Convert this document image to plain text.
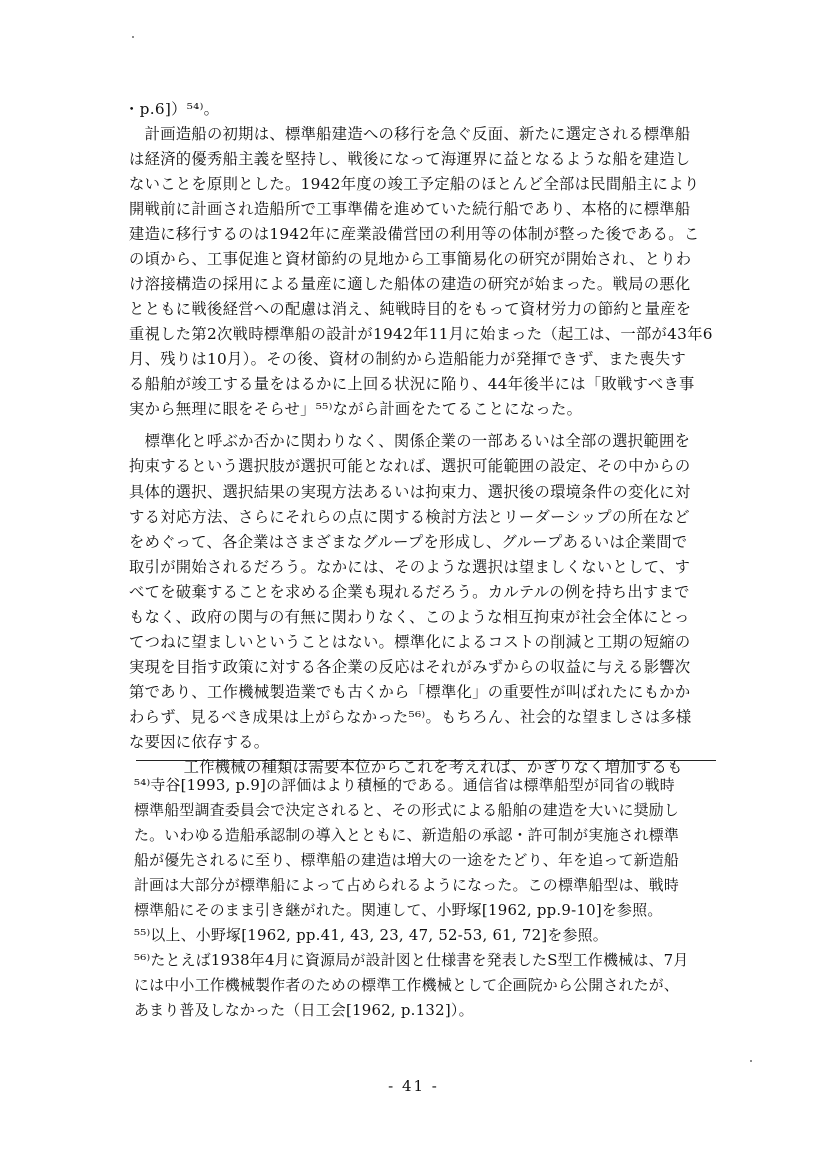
・p.6]）⁵⁴⁾。
　計画造船の初期は、標準船建造への移行を急ぐ反面、新たに選定される標準船
は経済的優秀船主義を堅持し、戦後になって海運界に益となるような船を建造し
ないことを原則とした。1942年度の竣工予定船のほとんど全部は民間船主により
開戦前に計画され造船所で工事準備を進めていた続行船であり、本格的に標準船
建造に移行するのは1942年に産業設備営団の利用等の体制が整った後である。こ
の頃から、工事促進と資材節約の見地から工事簡易化の研究が開始され、とりわ
け溶接構造の採用による量産に適した船体の建造の研究が始まった。戦局の悪化
とともに戦後経営への配慮は消え、純戦時目的をもって資材労力の節約と量産を
重視した第2次戦時標準船の設計が1942年11月に始まった（起工は、一部が43年6
月、残りは10月）。その後、資材の制約から造船能力が発揮できず、また喪失す
る船舶が竣工する量をはるかに上回る状況に陥り、44年後半には「敗戦すべき事
実から無理に眼をそらせ」⁵⁵⁾ながら計画をたてることになった。
　標準化と呼ぶか否かに関わりなく、関係企業の一部あるいは全部の選択範囲を
拘束するという選択肢が選択可能となれば、選択可能範囲の設定、その中からの
具体的選択、選択結果の実現方法あるいは拘束力、選択後の環境条件の変化に対
する対応方法、さらにそれらの点に関する検討方法とリーダーシップの所在など
をめぐって、各企業はさまざまなグループを形成し、グループあるいは企業間で
取引が開始されるだろう。なかには、そのような選択は望ましくないとして、す
べてを破棄することを求める企業も現れるだろう。カルテルの例を持ち出すまで
もなく、政府の関与の有無に関わりなく、このような相互拘束が社会全体にとっ
てつねに望ましいということはない。標準化によるコストの削減と工期の短縮の
実現を目指す政策に対する各企業の反応はそれがみずからの収益に与える影響次
第であり、工作機械製造業でも古くから「標準化」の重要性が叫ばれたにもかか
わらず、見るべき成果は上がらなかった⁵⁶⁾。もちろん、社会的な望ましさは多様
な要因に依存する。
　工作機械の種類は需要本位からこれを考えれば、かぎりなく増加するも
⁵⁴⁾寺谷[1993, p.9]の評価はより積極的である。通信省は標準船型が同省の戦時
標準船型調査委員会で決定されると、その形式による船舶の建造を大いに奨励し
た。いわゆる造船承認制の導入とともに、新造船の承認・許可制が実施され標準
船が優先されるに至り、標準船の建造は増大の一途をたどり、年を追って新造船
計画は大部分が標準船によって占められるようになった。この標準船型は、戦時
標準船にそのまま引き継がれた。関連して、小野塚[1962, pp.9-10]を参照。
⁵⁵⁾以上、小野塚[1962, pp.41, 43, 23, 47, 52-53, 61, 72]を参照。
⁵⁶⁾たとえば1938年4月に資源局が設計図と仕様書を発表したS型工作機械は、7月
には中小工作機械製作者のための標準工作機械として企画院から公開されたが、
あまり普及しなかった（日工会[1962, p.132]）。
- 41 -
